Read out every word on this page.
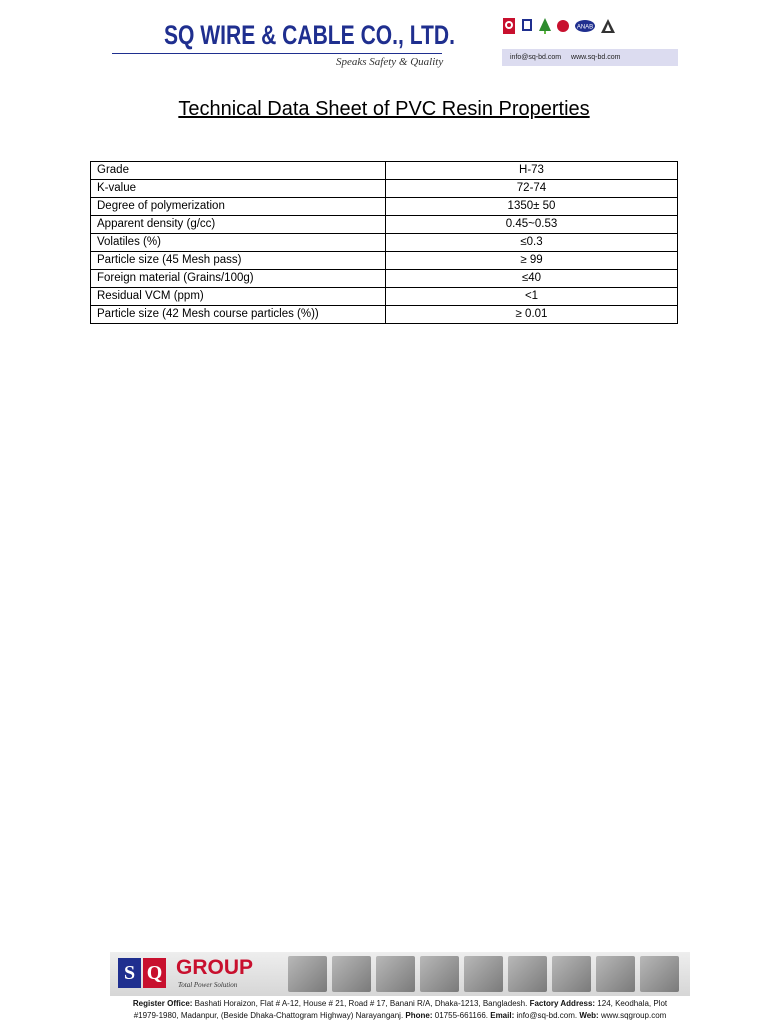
SQ WIRE & CABLE CO., LTD.
Speaks Safety & Quality
ANAB
info@sq-bd.com www.sq-bd.com
Technical Data Sheet of PVC Resin Properties
Grade	H-73
K-value	72-74
Degree of polymerization	1350± 50
Apparent density (g/cc)	0.45~0.53
Volatiles (%)	≤0.3
Particle size (45 Mesh pass)	≥ 99
Foreign material (Grains/100g)	≤40
Residual VCM (ppm)	<1
Particle size (42 Mesh course particles (%))	≥ 0.01
S Q GROUP
Total Power Solution
Register Office: Bashati Horaizon, Flat # A-12, House # 21, Road # 17, Banani R/A, Dhaka-1213, Bangladesh. Factory Address: 124, Keodhala, Plot
#1979-1980, Madanpur, (Beside Dhaka-Chattogram Highway) Narayanganj. Phone: 01755-661166. Email: info@sq-bd.com. Web: www.sqgroup.com
